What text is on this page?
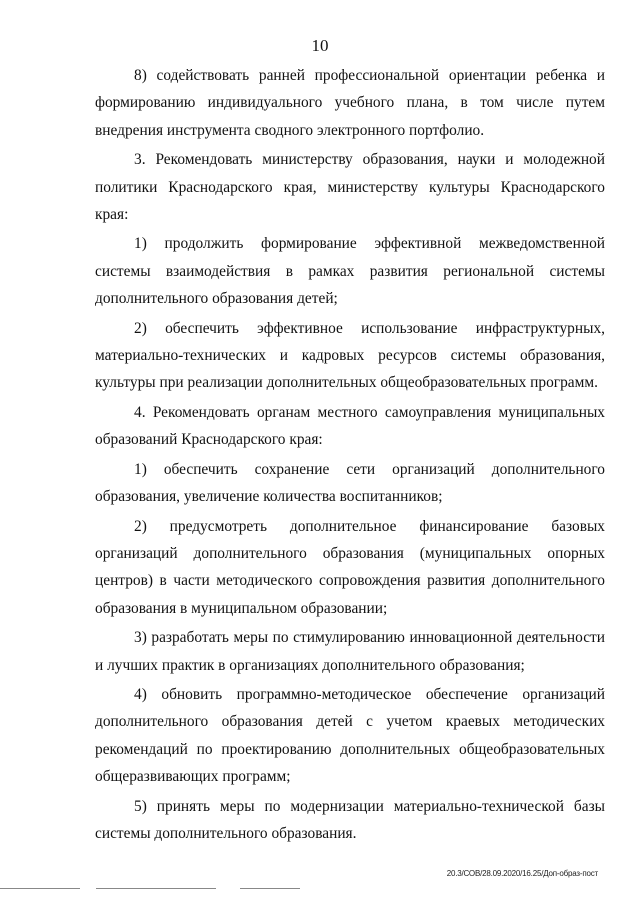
10

8) содействовать ранней профессиональной ориентации ребенка и формированию индивидуального учебного плана, в том числе путем внедрения инструмента сводного электронного портфолио.

3. Рекомендовать министерству образования, науки и молодежной политики Краснодарского края, министерству культуры Краснодарского края:

1) продолжить формирование эффективной межведомственной системы взаимодействия в рамках развития региональной системы дополнительного образования детей;

2) обеспечить эффективное использование инфраструктурных, материально-технических и кадровых ресурсов системы образования, культуры при реализации дополнительных общеобразовательных программ.

4. Рекомендовать органам местного самоуправления муниципальных образований Краснодарского края:

1) обеспечить сохранение сети организаций дополнительного образования, увеличение количества воспитанников;

2) предусмотреть дополнительное финансирование базовых организаций дополнительного образования (муниципальных опорных центров) в части методического сопровождения развития дополнительного образования в муниципальном образовании;

3) разработать меры по стимулированию инновационной деятельности и лучших практик в организациях дополнительного образования;

4) обновить программно-методическое обеспечение организаций дополнительного образования детей с учетом краевых методических рекомендаций по проектированию дополнительных общеобразовательных общеразвивающих программ;

5) принять меры по модернизации материально-технической базы системы дополнительного образования.

20.3/СОВ/28.09.2020/16.25/Доп-образ-пост
